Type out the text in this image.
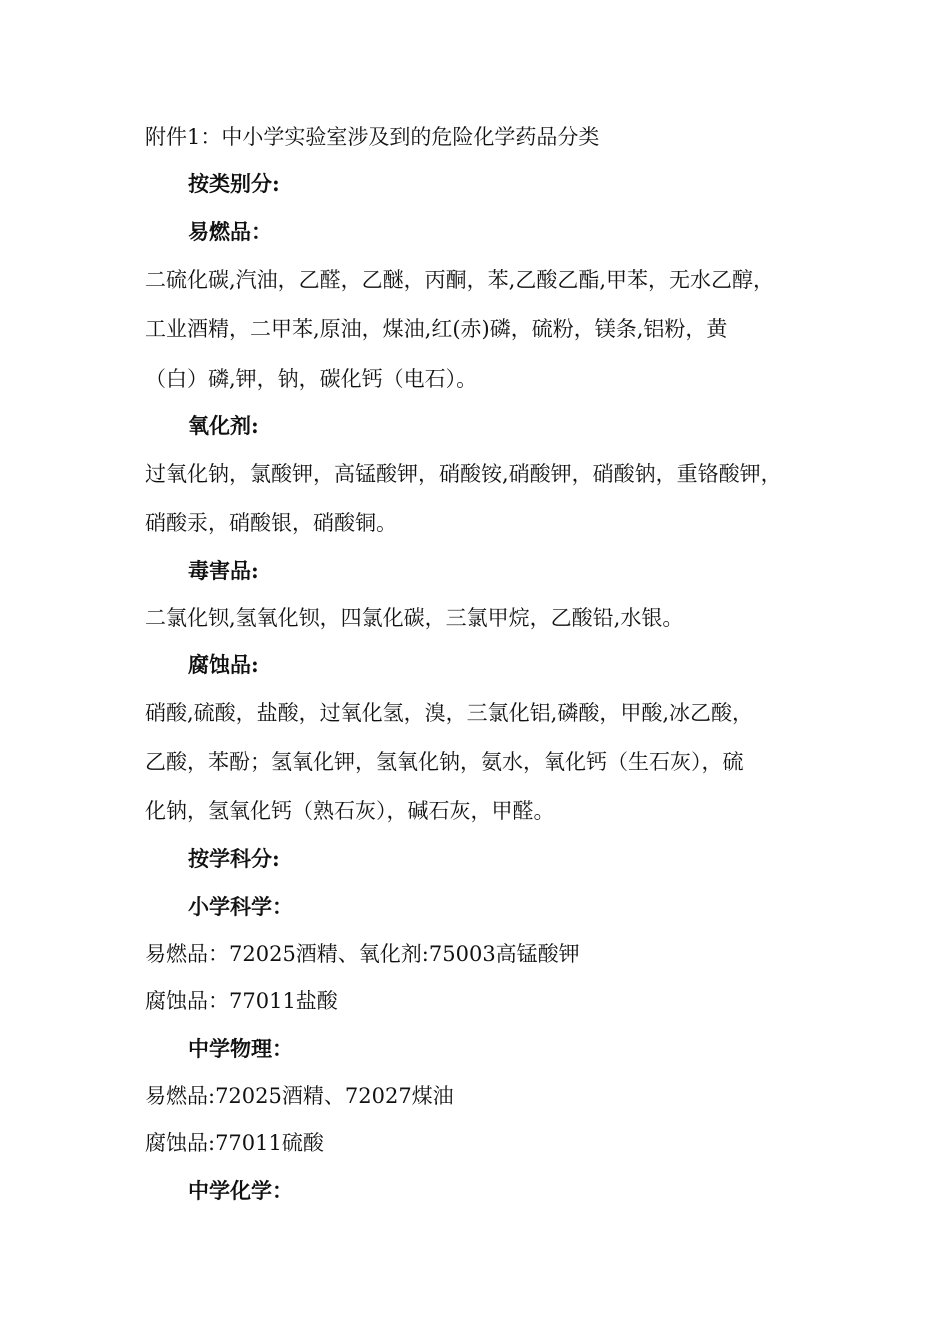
附件1：中小学实验室涉及到的危险化学药品分类
按类别分:
易燃品：
二硫化碳,汽油，乙醛，乙醚，丙酮，苯,乙酸乙酯,甲苯，无水乙醇，
工业酒精，二甲苯,原油，煤油,红(赤)磷，硫粉，镁条,铝粉，黄
（白）磷,钾，钠，碳化钙（电石）。
氧化剂:
过氧化钠，氯酸钾，高锰酸钾，硝酸铵,硝酸钾，硝酸钠，重铬酸钾，
硝酸汞，硝酸银，硝酸铜。
毒害品:
二氯化钡,氢氧化钡，四氯化碳，三氯甲烷，乙酸铅,水银。
腐蚀品:
硝酸,硫酸，盐酸，过氧化氢，溴，三氯化铝,磷酸，甲酸,冰乙酸，
乙酸，苯酚；氢氧化钾，氢氧化钠，氨水，氧化钙（生石灰），硫
化钠，氢氧化钙（熟石灰），碱石灰，甲醛。
按学科分:
小学科学：
易燃品：72025酒精、氧化剂:75003高锰酸钾
腐蚀品：77011盐酸
中学物理：
易燃品:72025酒精、72027煤油
腐蚀品:77011硫酸
中学化学：
